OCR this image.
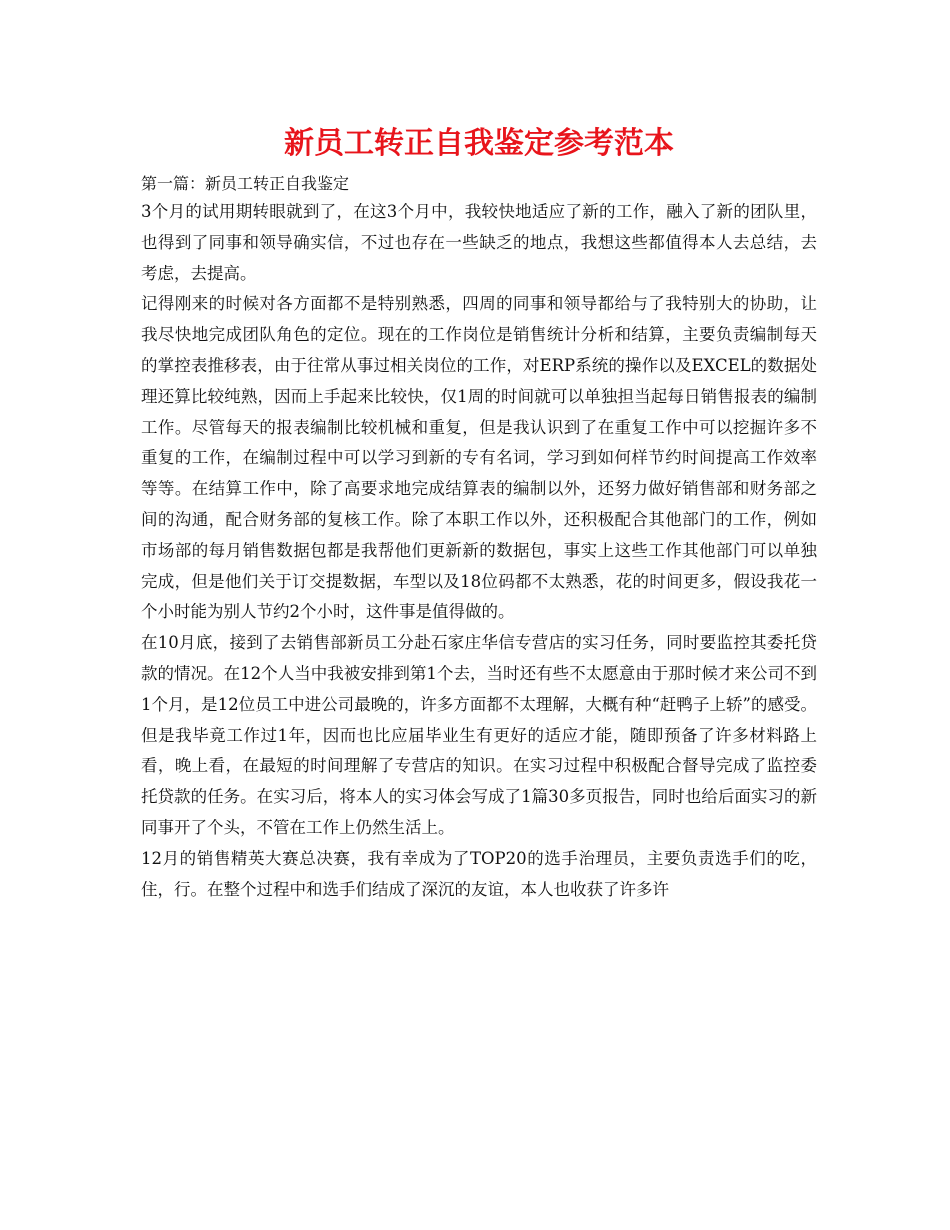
新员工转正自我鉴定参考范本
第一篇：新员工转正自我鉴定

3个月的试用期转眼就到了，在这3个月中，我较快地适应了新的工作，融入了新的团队里，也得到了同事和领导确实信，不过也存在一些缺乏的地点，我想这些都值得本人去总结，去考虑，去提高。

记得刚来的时候对各方面都不是特别熟悉，四周的同事和领导都给与了我特别大的协助，让我尽快地完成团队角色的定位。现在的工作岗位是销售统计分析和结算，主要负责编制每天的掌控表推移表，由于往常从事过相关岗位的工作，对ERP系统的操作以及EXCEL的数据处理还算比较纯熟，因而上手起来比较快，仅1周的时间就可以单独担当起每日销售报表的编制工作。尽管每天的报表编制比较机械和重复，但是我认识到了在重复工作中可以挖掘许多不重复的工作，在编制过程中可以学习到新的专有名词，学习到如何样节约时间提高工作效率等等。在结算工作中，除了高要求地完成结算表的编制以外，还努力做好销售部和财务部之间的沟通，配合财务部的复核工作。除了本职工作以外，还积极配合其他部门的工作，例如市场部的每月销售数据包都是我帮他们更新新的数据包，事实上这些工作其他部门可以单独完成，但是他们关于订交提数据，车型以及18位码都不太熟悉，花的时间更多，假设我花一个小时能为别人节约2个小时，这件事是值得做的。

在10月底，接到了去销售部新员工分赴石家庄华信专营店的实习任务，同时要监控其委托贷款的情况。在12个人当中我被安排到第1个去，当时还有些不太愿意由于那时候才来公司不到1个月，是12位员工中进公司最晚的，许多方面都不太理解，大概有种“赶鸭子上轿”的感受。但是我毕竟工作过1年，因而也比应届毕业生有更好的适应才能，随即预备了许多材料路上看，晚上看，在最短的时间理解了专营店的知识。在实习过程中积极配合督导完成了监控委托贷款的任务。在实习后，将本人的实习体会写成了1篇30多页报告，同时也给后面实习的新同事开了个头，不管在工作上仍然生活上。

12月的销售精英大赛总决赛，我有幸成为了TOP20的选手治理员，主要负责选手们的吃，住，行。在整个过程中和选手们结成了深沉的友谊，本人也收获了许多许
